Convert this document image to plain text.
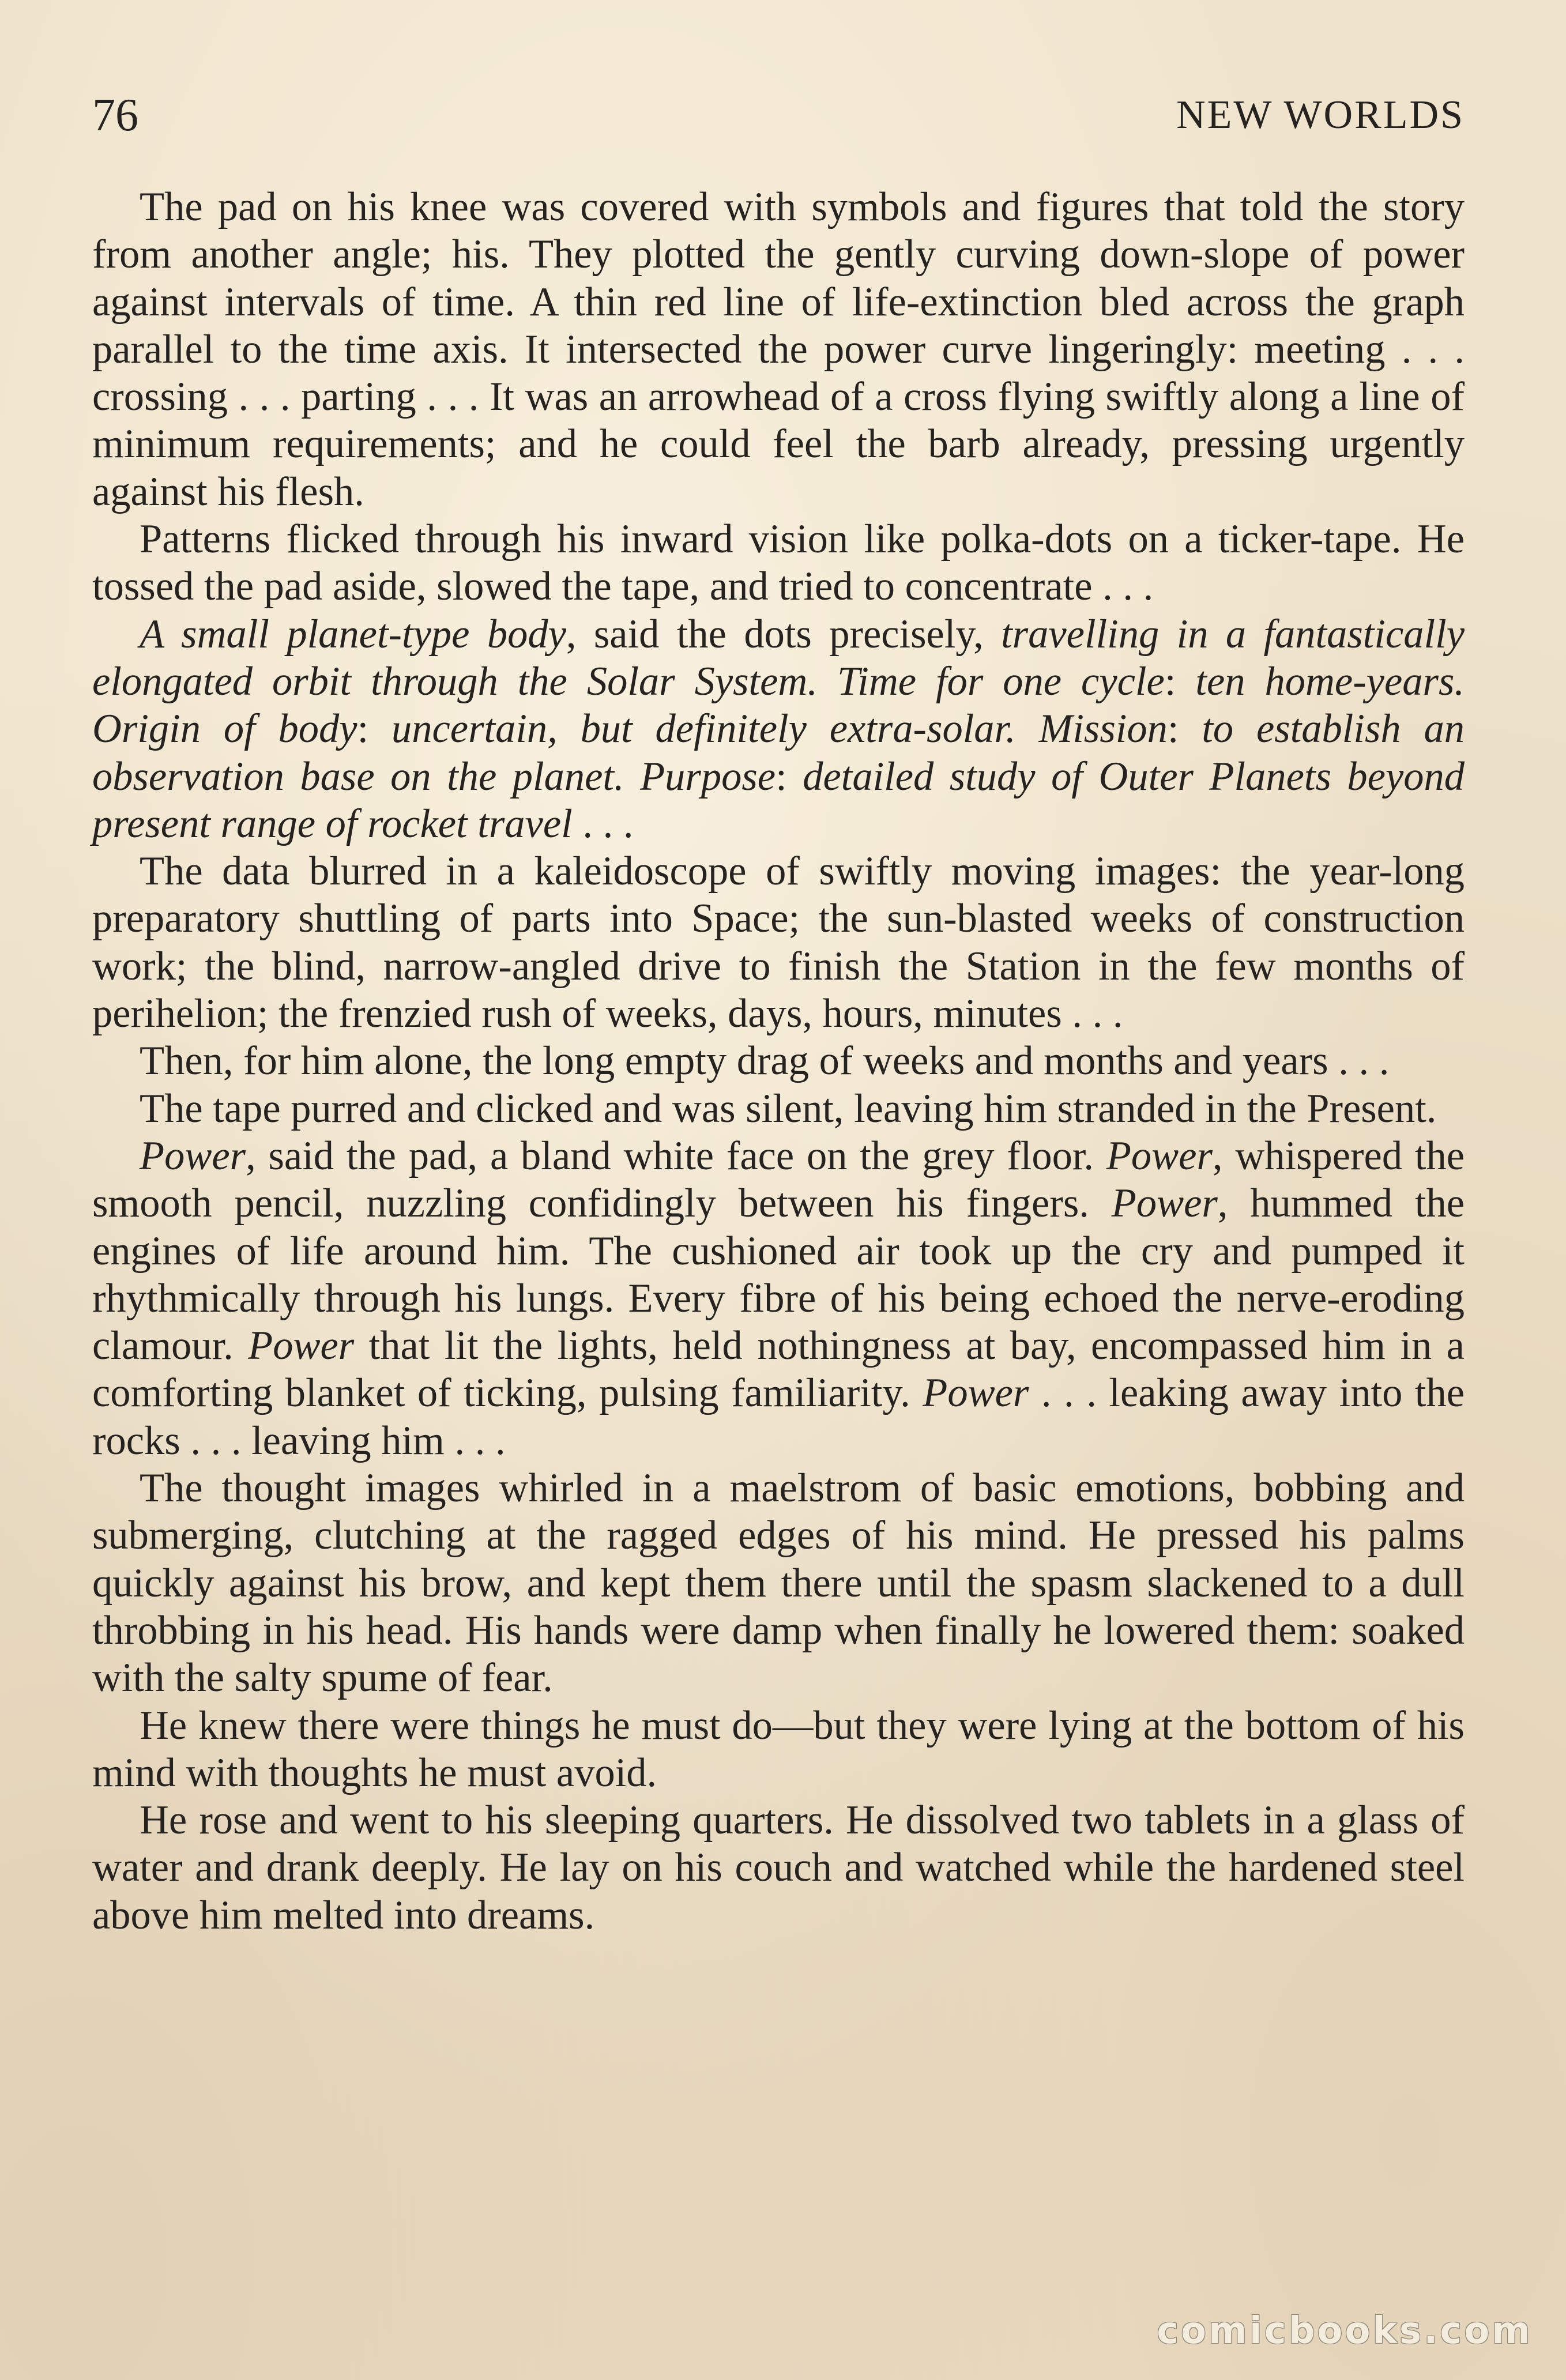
76	NEW WORLDS

The pad on his knee was covered with symbols and figures that told the story from another angle; his. They plotted the gently curving down-slope of power against intervals of time. A thin red line of life-extinction bled across the graph parallel to the time axis. It intersected the power curve lingeringly: meeting . . . crossing . . . parting . . . It was an arrowhead of a cross flying swiftly along a line of minimum requirements; and he could feel the barb already, pressing urgently against his flesh.

Patterns flicked through his inward vision like polka-dots on a ticker-tape. He tossed the pad aside, slowed the tape, and tried to concentrate . . .

A small planet-type body, said the dots precisely, travelling in a fantastically elongated orbit through the Solar System. Time for one cycle: ten home-years. Origin of body: uncertain, but definitely extra-solar. Mission: to establish an observation base on the planet. Purpose: detailed study of Outer Planets beyond present range of rocket travel . . .

The data blurred in a kaleidoscope of swiftly moving images: the year-long preparatory shuttling of parts into Space; the sun-blasted weeks of construction work; the blind, narrow-angled drive to finish the Station in the few months of perihelion; the frenzied rush of weeks, days, hours, minutes . . .

Then, for him alone, the long empty drag of weeks and months and years . . .

The tape purred and clicked and was silent, leaving him stranded in the Present.

Power, said the pad, a bland white face on the grey floor. Power, whispered the smooth pencil, nuzzling confidingly between his fingers. Power, hummed the engines of life around him. The cushioned air took up the cry and pumped it rhythmically through his lungs. Every fibre of his being echoed the nerve-eroding clamour. Power that lit the lights, held nothingness at bay, encompassed him in a comforting blanket of ticking, pulsing familiarity. Power . . . leaking away into the rocks . . . leaving him . . .

The thought images whirled in a maelstrom of basic emotions, bobbing and submerging, clutching at the ragged edges of his mind. He pressed his palms quickly against his brow, and kept them there until the spasm slackened to a dull throbbing in his head. His hands were damp when finally he lowered them: soaked with the salty spume of fear.

He knew there were things he must do—but they were lying at the bottom of his mind with thoughts he must avoid.

He rose and went to his sleeping quarters. He dissolved two tablets in a glass of water and drank deeply. He lay on his couch and watched while the hardened steel above him melted into dreams.

comicbooks.com
